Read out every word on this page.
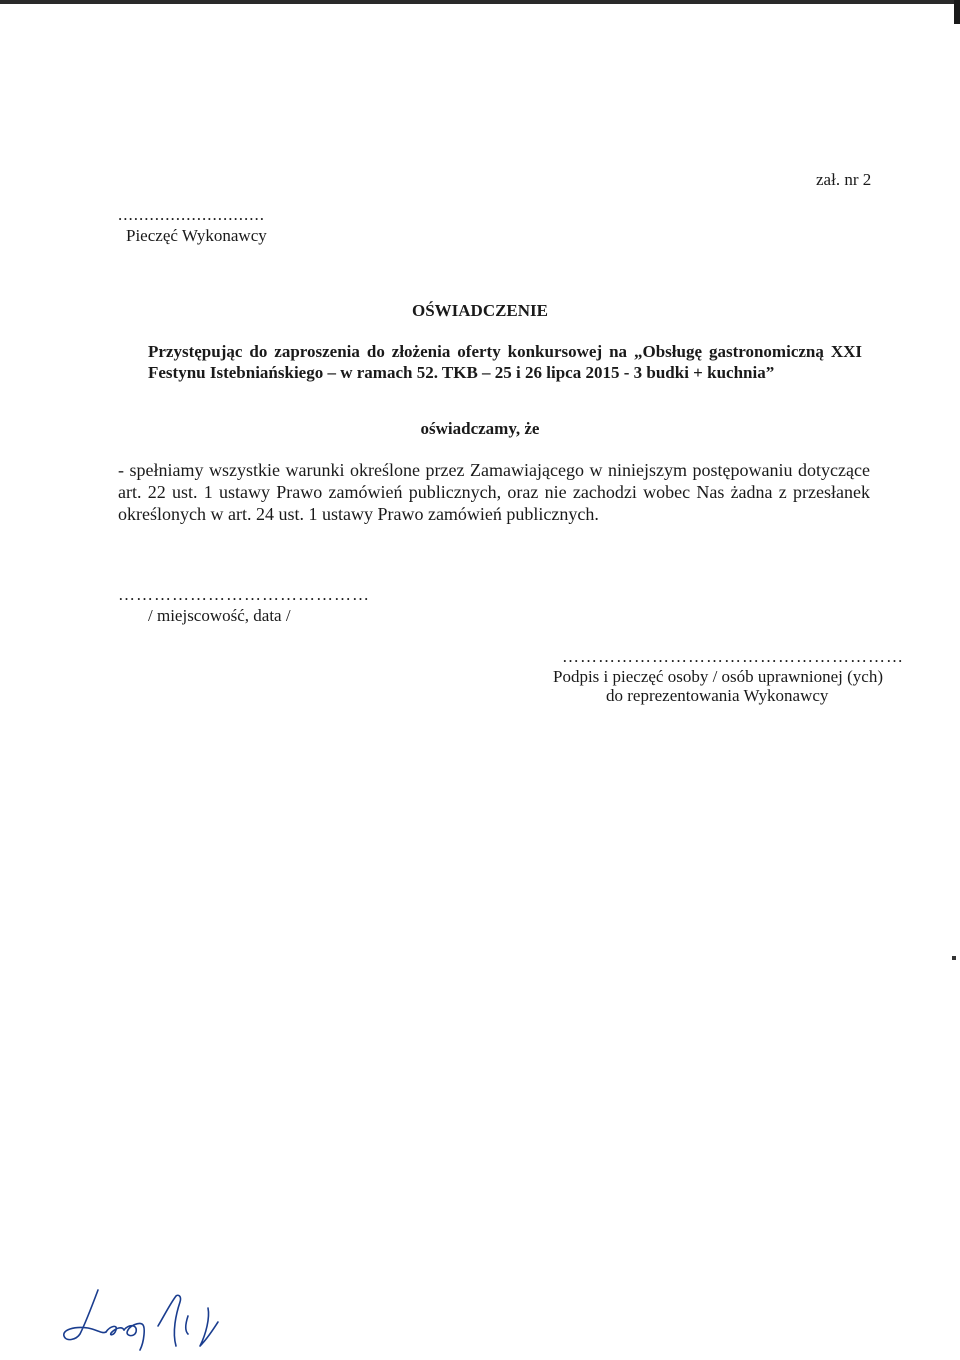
zał. nr 2
............................
Pieczęć Wykonawcy
OŚWIADCZENIE
Przystępując do zaproszenia do złożenia oferty konkursowej na „Obsługę gastronomiczną XXI
Festynu Istebniańskiego – w ramach 52. TKB – 25 i 26 lipca 2015 - 3 budki + kuchnia”
oświadczamy, że
- spełniamy wszystkie warunki określone przez Zamawiającego w niniejszym postępowaniu dotyczące
art. 22 ust. 1 ustawy Prawo zamówień publicznych, oraz nie zachodzi wobec Nas żadna z przesłanek
określonych w art. 24 ust. 1 ustawy Prawo zamówień publicznych.
……………………………………
/ miejscowość, data /
…………………………………………………
Podpis i pieczęć osoby / osób uprawnionej (ych)
do reprezentowania Wykonawcy
